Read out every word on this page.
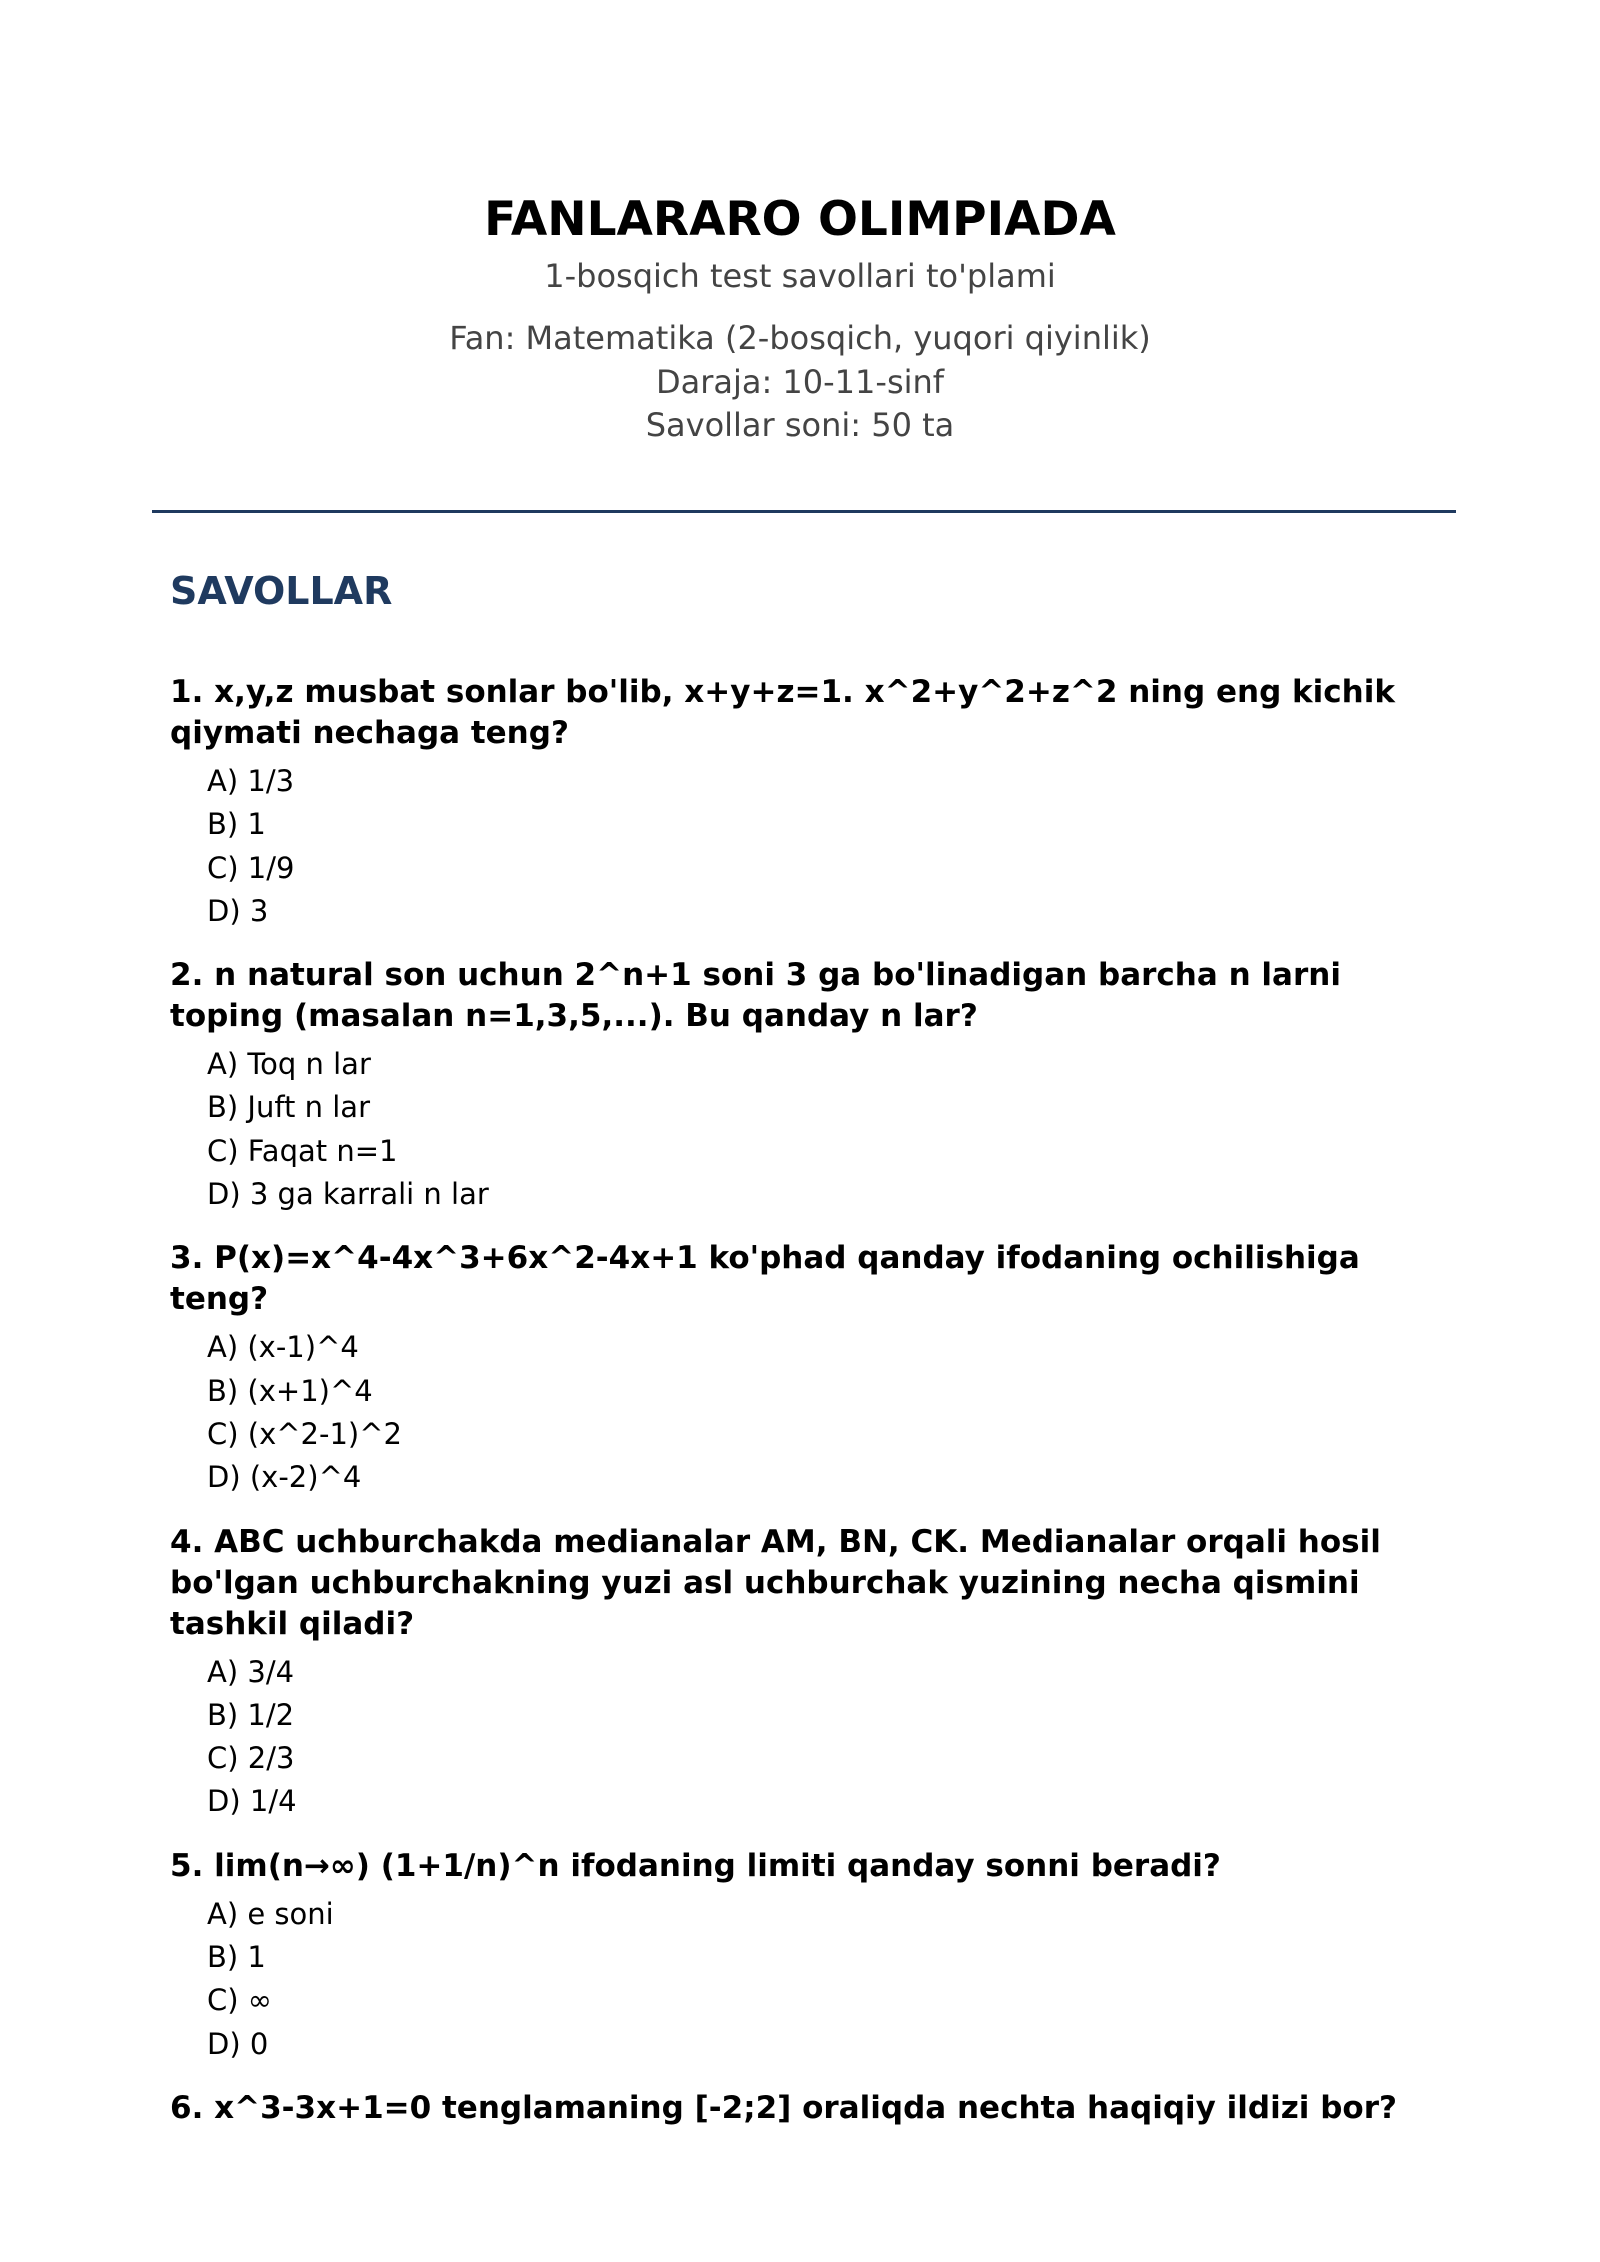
FANLARARO OLIMPIADA
1-bosqich test savollari to'plami
Fan: Matematika (2-bosqich, yuqori qiyinlik)
Daraja: 10-11-sinf
Savollar soni: 50 ta
SAVOLLAR

1. x,y,z musbat sonlar bo'lib, x+y+z=1. x^2+y^2+z^2 ning eng kichik qiymati nechaga teng?

A) 1/3
B) 1
C) 1/9
D) 3

2. n natural son uchun 2^n+1 soni 3 ga bo'linadigan barcha n larni toping (masalan n=1,3,5,...). Bu qanday n lar?

A) Toq n lar
B) Juft n lar
C) Faqat n=1
D) 3 ga karrali n lar

3. P(x)=x^4-4x^3+6x^2-4x+1 ko'phad qanday ifodaning ochilishiga teng?

A) (x-1)^4
B) (x+1)^4
C) (x^2-1)^2
D) (x-2)^4

4. ABC uchburchakda medianalar AM, BN, CK. Medianalar orqali hosil bo'lgan uchburchakning yuzi asl uchburchak yuzining necha qismini tashkil qiladi?

A) 3/4
B) 1/2
C) 2/3
D) 1/4

5. lim(n→∞) (1+1/n)^n ifodaning limiti qanday sonni beradi?

A) e soni
B) 1
C) ∞
D) 0

6. x^3-3x+1=0 tenglamaning [-2;2] oraliqda nechta haqiqiy ildizi bor?
